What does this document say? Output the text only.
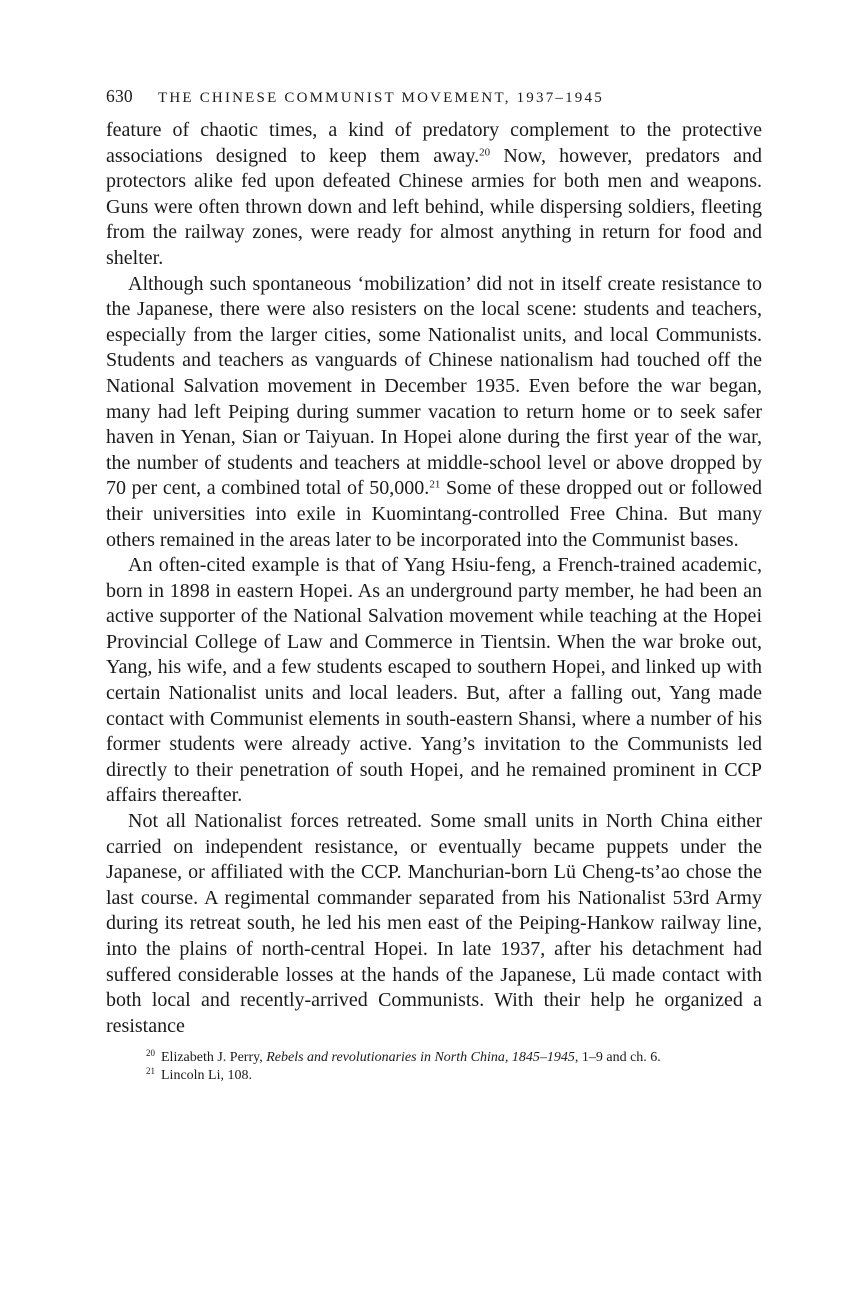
630	THE CHINESE COMMUNIST MOVEMENT, 1937–1945

feature of chaotic times, a kind of predatory complement to the protective associations designed to keep them away.$^{20}$ Now, however, predators and protectors alike fed upon defeated Chinese armies for both men and weapons. Guns were often thrown down and left behind, while dispersing soldiers, fleeting from the railway zones, were ready for almost anything in return for food and shelter.

Although such spontaneous ‘mobilization’ did not in itself create resistance to the Japanese, there were also resisters on the local scene: students and teachers, especially from the larger cities, some Nationalist units, and local Communists. Students and teachers as vanguards of Chinese nationalism had touched off the National Salvation movement in December 1935. Even before the war began, many had left Peiping during summer vacation to return home or to seek safer haven in Yenan, Sian or Taiyuan. In Hopei alone during the first year of the war, the number of students and teachers at middle-school level or above dropped by 70 per cent, a combined total of 50,000.21 Some of these dropped out or followed their universities into exile in Kuomintang-controlled Free China. But many others remained in the areas later to be incorporated into the Communist bases.

An often-cited example is that of Yang Hsiu-feng, a French-trained academic, born in 1898 in eastern Hopei. As an underground party member, he had been an active supporter of the National Salvation movement while teaching at the Hopei Provincial College of Law and Commerce in Tientsin. When the war broke out, Yang, his wife, and a few students escaped to southern Hopei, and linked up with certain Nationalist units and local leaders. But, after a falling out, Yang made contact with Communist elements in south-eastern Shansi, where a number of his former students were already active. Yang’s invitation to the Communists led directly to their penetration of south Hopei, and he remained prominent in CCP affairs thereafter.

Not all Nationalist forces retreated. Some small units in North China either carried on independent resistance, or eventually became puppets under the Japanese, or affiliated with the CCP. Manchurian-born Lü Cheng-ts’ao chose the last course. A regimental commander separated from his Nationalist 53rd Army during its retreat south, he led his men east of the Peiping-Hankow railway line, into the plains of north-central Hopei. In late 1937, after his detachment had suffered considerable losses at the hands of the Japanese, Lü made contact with both local and recently-arrived Communists. With their help he organized a resistance

$^{20}$ Elizabeth J. Perry, Rebels and revolutionaries in North China, 1845–1945, 1–9 and ch. 6.

$^{21}$ Lincoln Li, 108.
